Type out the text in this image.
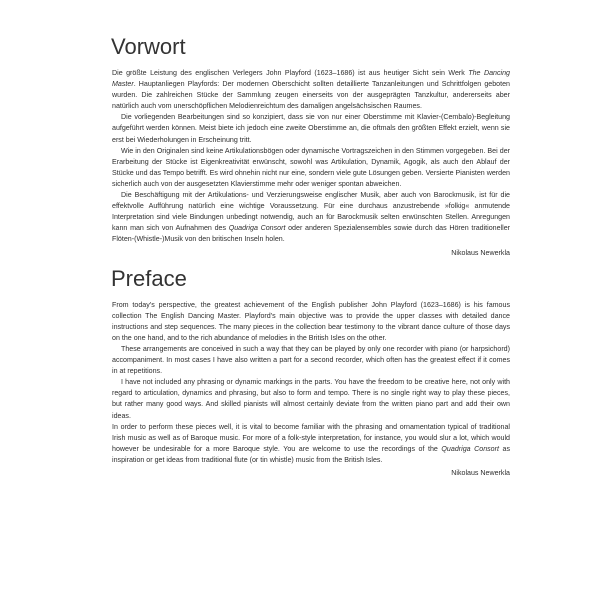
Vorwort

Die größte Leistung des englischen Verlegers John Playford (1623–1686) ist aus heutiger Sicht sein Werk The Dancing Master. Hauptanliegen Playfords: Der modernen Oberschicht sollten detaillierte Tanzanleitungen und Schrittfolgen geboten wurden. Die zahlreichen Stücke der Sammlung zeugen einerseits von der ausgeprägten Tanzkultur, andererseits aber natürlich auch vom unerschöpflichen Melodienreichtum des damaligen angelsächsischen Raumes.

Die vorliegenden Bearbeitungen sind so konzipiert, dass sie von nur einer Oberstimme mit Klavier-(Cembalo)-Begleitung aufgeführt werden können. Meist biete ich jedoch eine zweite Oberstimme an, die oftmals den größten Effekt erzielt, wenn sie erst bei Wiederholungen in Erscheinung tritt.

Wie in den Originalen sind keine Artikulationsbögen oder dynamische Vortragszeichen in den Stimmen vorgegeben. Bei der Erarbeitung der Stücke ist Eigenkreativität erwünscht, sowohl was Artikulation, Dynamik, Agogik, als auch den Ablauf der Stücke und das Tempo betrifft. Es wird ohnehin nicht nur eine, sondern viele gute Lösungen geben. Versierte Pianisten werden sicherlich auch von der ausgesetzten Klavierstimme mehr oder weniger spontan abweichen.

Die Beschäftigung mit der Artikulations- und Verzierungsweise englischer Musik, aber auch von Barockmusik, ist für die effektvolle Aufführung natürlich eine wichtige Voraussetzung. Für eine durchaus anzustrebende »folkig« anmutende Interpretation sind viele Bindungen unbedingt notwendig, auch an für Barockmusik selten erwünschten Stellen. Anregungen kann man sich von Aufnahmen des Quadriga Consort oder anderen Spezialensembles sowie durch das Hören traditioneller Flöten-(Whistle-)Musik von den britischen Inseln holen.

Nikolaus Newerkla
Preface

From today’s perspective, the greatest achievement of the English publisher John Playford (1623–1686) is his famous collection The English Dancing Master. Playford’s main objective was to provide the upper classes with detailed dance instructions and step sequences. The many pieces in the collection bear testimony to the vibrant dance culture of those days on the one hand, and to the rich abundance of melodies in the British Isles on the other.

These arrangements are conceived in such a way that they can be played by only one recorder with piano (or harpsichord) accompaniment. In most cases I have also written a part for a second recorder, which often has the greatest effect if it comes in at repetitions.

I have not included any phrasing or dynamic markings in the parts. You have the freedom to be creative here, not only with regard to articulation, dynamics and phrasing, but also to form and tempo. There is no single right way to play these pieces, but rather many good ways. And skilled pianists will almost certainly deviate from the written piano part and add their own ideas.

In order to perform these pieces well, it is vital to become familiar with the phrasing and ornamentation typical of traditional Irish music as well as of Baroque music. For more of a folk-style interpretation, for instance, you would slur a lot, which would however be undesirable for a more Baroque style. You are welcome to use the recordings of the Quadriga Consort as inspiration or get ideas from traditional flute (or tin whistle) music from the British Isles.

Nikolaus Newerkla
